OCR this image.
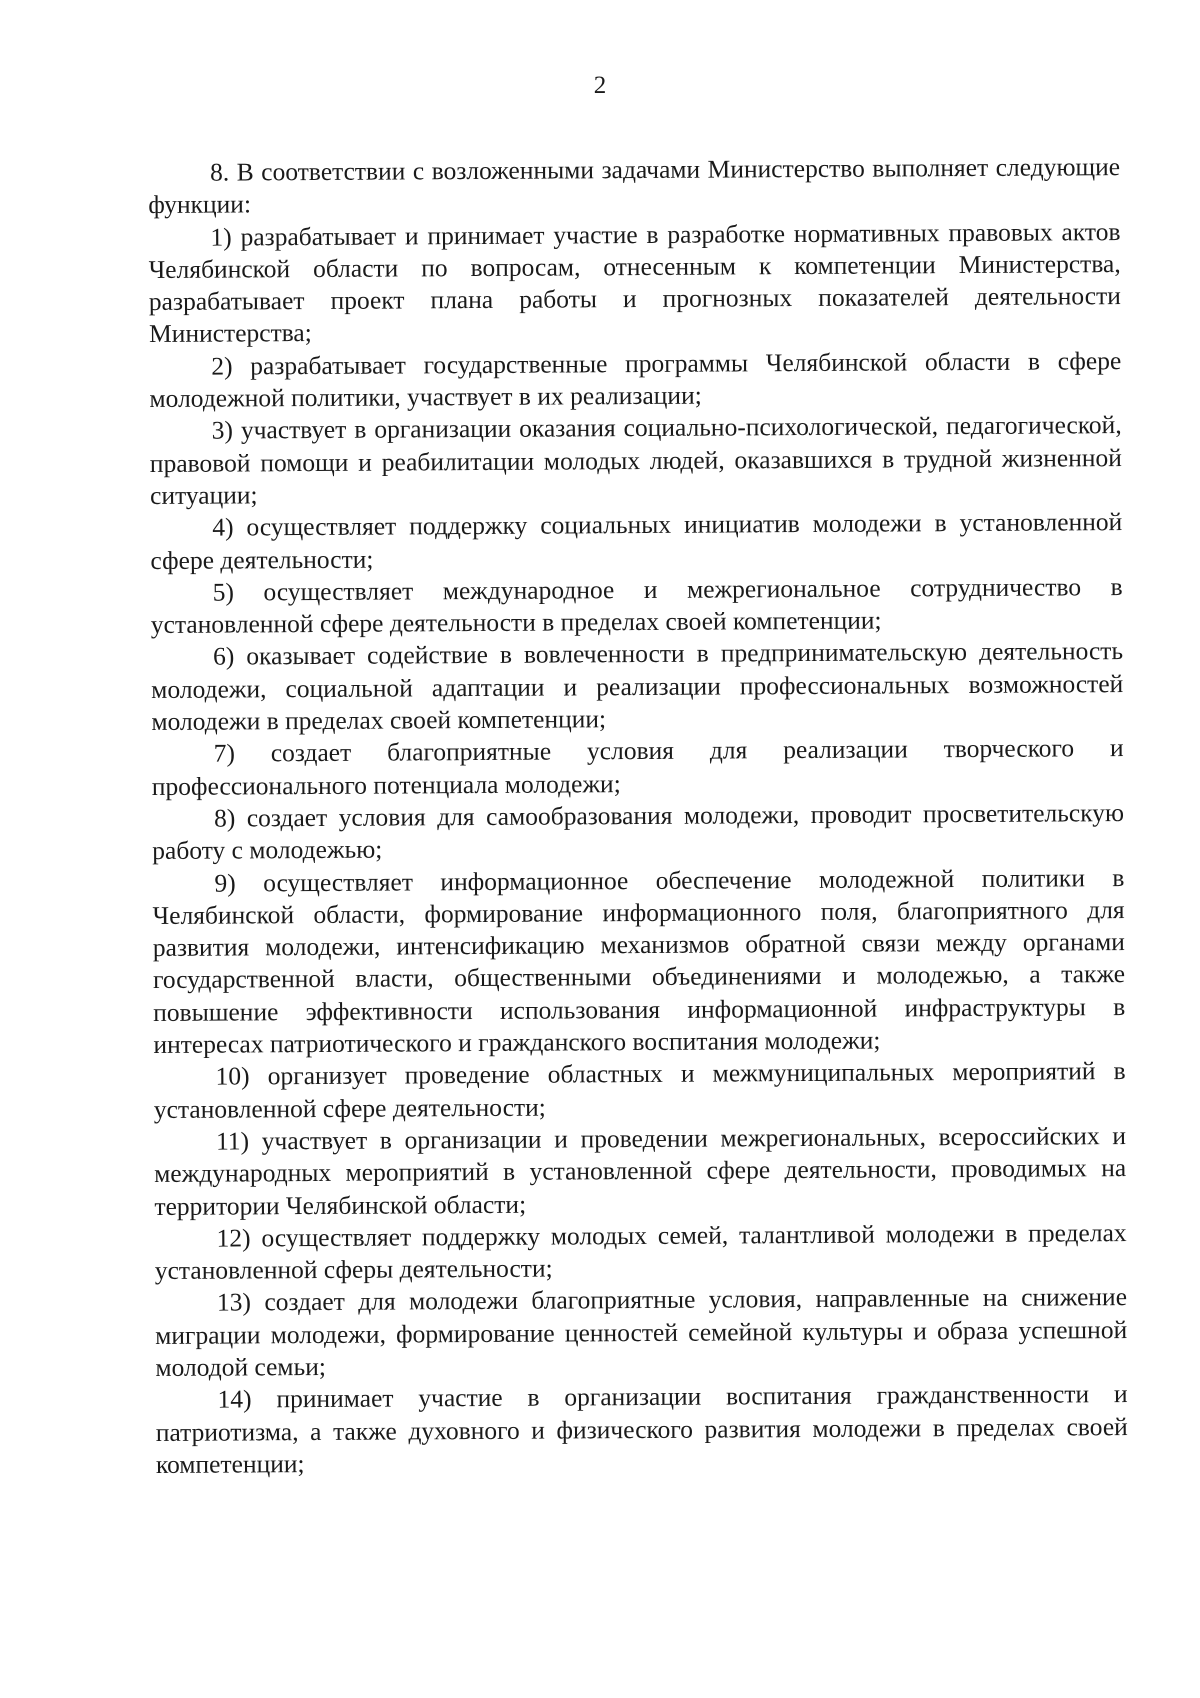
2

8. В соответствии с возложенными задачами Министерство выполняет следующие функции:

1) разрабатывает и принимает участие в разработке нормативных правовых актов Челябинской области по вопросам, отнесенным к компетенции Министерства, разрабатывает проект плана работы и прогнозных показателей деятельности Министерства;

2) разрабатывает государственные программы Челябинской области в сфере молодежной политики, участвует в их реализации;

3) участвует в организации оказания социально-психологической, педагогической, правовой помощи и реабилитации молодых людей, оказавшихся в трудной жизненной ситуации;

4) осуществляет поддержку социальных инициатив молодежи в установленной сфере деятельности;

5) осуществляет международное и межрегиональное сотрудничество в установленной сфере деятельности в пределах своей компетенции;

6) оказывает содействие в вовлеченности в предпринимательскую деятельность молодежи, социальной адаптации и реализации профессиональных возможностей молодежи в пределах своей компетенции;

7) создает благоприятные условия для реализации творческого и профессионального потенциала молодежи;

8) создает условия для самообразования молодежи, проводит просветительскую работу с молодежью;

9) осуществляет информационное обеспечение молодежной политики в Челябинской области, формирование информационного поля, благоприятного для развития молодежи, интенсификацию механизмов обратной связи между органами государственной власти, общественными объединениями и молодежью, а также повышение эффективности использования информационной инфраструктуры в интересах патриотического и гражданского воспитания молодежи;

10) организует проведение областных и межмуниципальных мероприятий в установленной сфере деятельности;

11) участвует в организации и проведении межрегиональных, всероссийских и международных мероприятий в установленной сфере деятельности, проводимых на территории Челябинской области;

12) осуществляет поддержку молодых семей, талантливой молодежи в пределах установленной сферы деятельности;

13) создает для молодежи благоприятные условия, направленные на снижение миграции молодежи, формирование ценностей семейной культуры и образа успешной молодой семьи;

14) принимает участие в организации воспитания гражданственности и патриотизма, а также духовного и физического развития молодежи в пределах своей компетенции;
